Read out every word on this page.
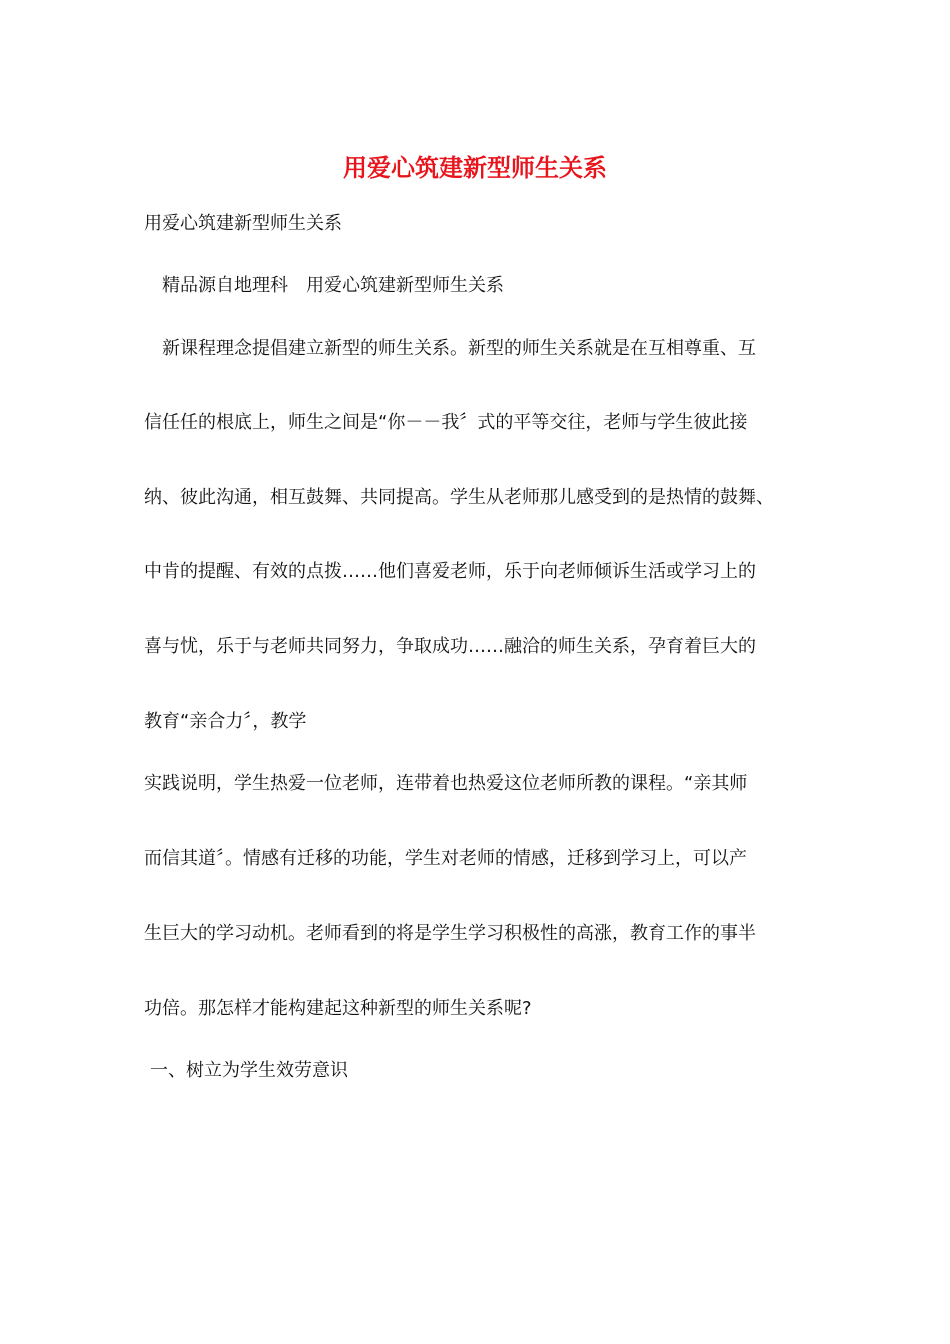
用爱心筑建新型师生关系

用爱心筑建新型师生关系

精品源自地理科　用爱心筑建新型师生关系

新课程理念提倡建立新型的师生关系。新型的师生关系就是在互相尊重、互

信任任的根底上，师生之间是“你－－我〞式的平等交往，老师与学生彼此接

纳、彼此沟通，相互鼓舞、共同提高。学生从老师那儿感受到的是热情的鼓舞、

中肯的提醒、有效的点拨……他们喜爱老师，乐于向老师倾诉生活或学习上的

喜与忧，乐于与老师共同努力，争取成功……融洽的师生关系，孕育着巨大的

教育“亲合力〞，教学

实践说明，学生热爱一位老师，连带着也热爱这位老师所教的课程。“亲其师

而信其道〞。情感有迁移的功能，学生对老师的情感，迁移到学习上，可以产

生巨大的学习动机。老师看到的将是学生学习积极性的高涨，教育工作的事半

功倍。那怎样才能构建起这种新型的师生关系呢?

一、树立为学生效劳意识
